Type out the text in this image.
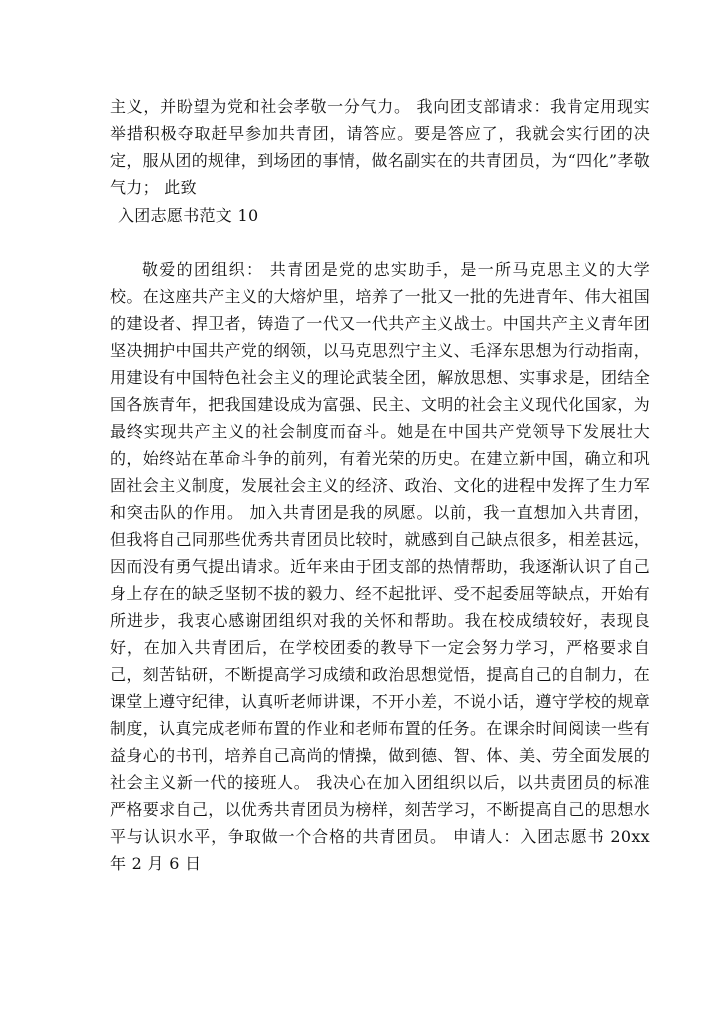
主义，并盼望为党和社会孝敬一分气力。 我向团支部请求：我肯定用现实举措积极夺取赶早参加共青团，请答应。要是答应了，我就会实行团的决定，服从团的规律，到场团的事情，做名副实在的共青团员，为“四化”孝敬气力； 此致

入团志愿书范文 10

敬爱的团组织： 共青团是党的忠实助手，是一所马克思主义的大学校。在这座共产主义的大熔炉里，培养了一批又一批的先进青年、伟大祖国的建设者、捍卫者，铸造了一代又一代共产主义战士。中国共产主义青年团坚决拥护中国共产党的纲领，以马克思烈宁主义、毛泽东思想为行动指南，用建设有中国特色社会主义的理论武装全团，解放思想、实事求是，团结全国各族青年，把我国建设成为富强、民主、文明的社会主义现代化国家，为最终实现共产主义的社会制度而奋斗。她是在中国共产党领导下发展壮大的，始终站在革命斗争的前列，有着光荣的历史。在建立新中国，确立和巩固社会主义制度，发展社会主义的经济、政治、文化的进程中发挥了生力军和突击队的作用。 加入共青团是我的夙愿。以前，我一直想加入共青团，但我将自己同那些优秀共青团员比较时，就感到自己缺点很多，相差甚远，因而没有勇气提出请求。近年来由于团支部的热情帮助，我逐渐认识了自己身上存在的缺乏坚韧不拔的毅力、经不起批评、受不起委屈等缺点，开始有所进步，我衷心感谢团组织对我的关怀和帮助。我在校成绩较好，表现良好，在加入共青团后，在学校团委的教导下一定会努力学习，严格要求自己，刻苦钻研，不断提高学习成绩和政治思想觉悟，提高自己的自制力，在课堂上遵守纪律，认真听老师讲课，不开小差，不说小话，遵守学校的规章制度，认真完成老师布置的作业和老师布置的任务。在课余时间阅读一些有益身心的书刊，培养自己高尚的情操，做到德、智、体、美、劳全面发展的社会主义新一代的接班人。 我决心在加入团组织以后，以共责团员的标准严格要求自己，以优秀共青团员为榜样，刻苦学习，不断提高自己的思想水平与认识水平，争取做一个合格的共青团员。 申请人：入团志愿书 20xx 年 2 月 6 日
